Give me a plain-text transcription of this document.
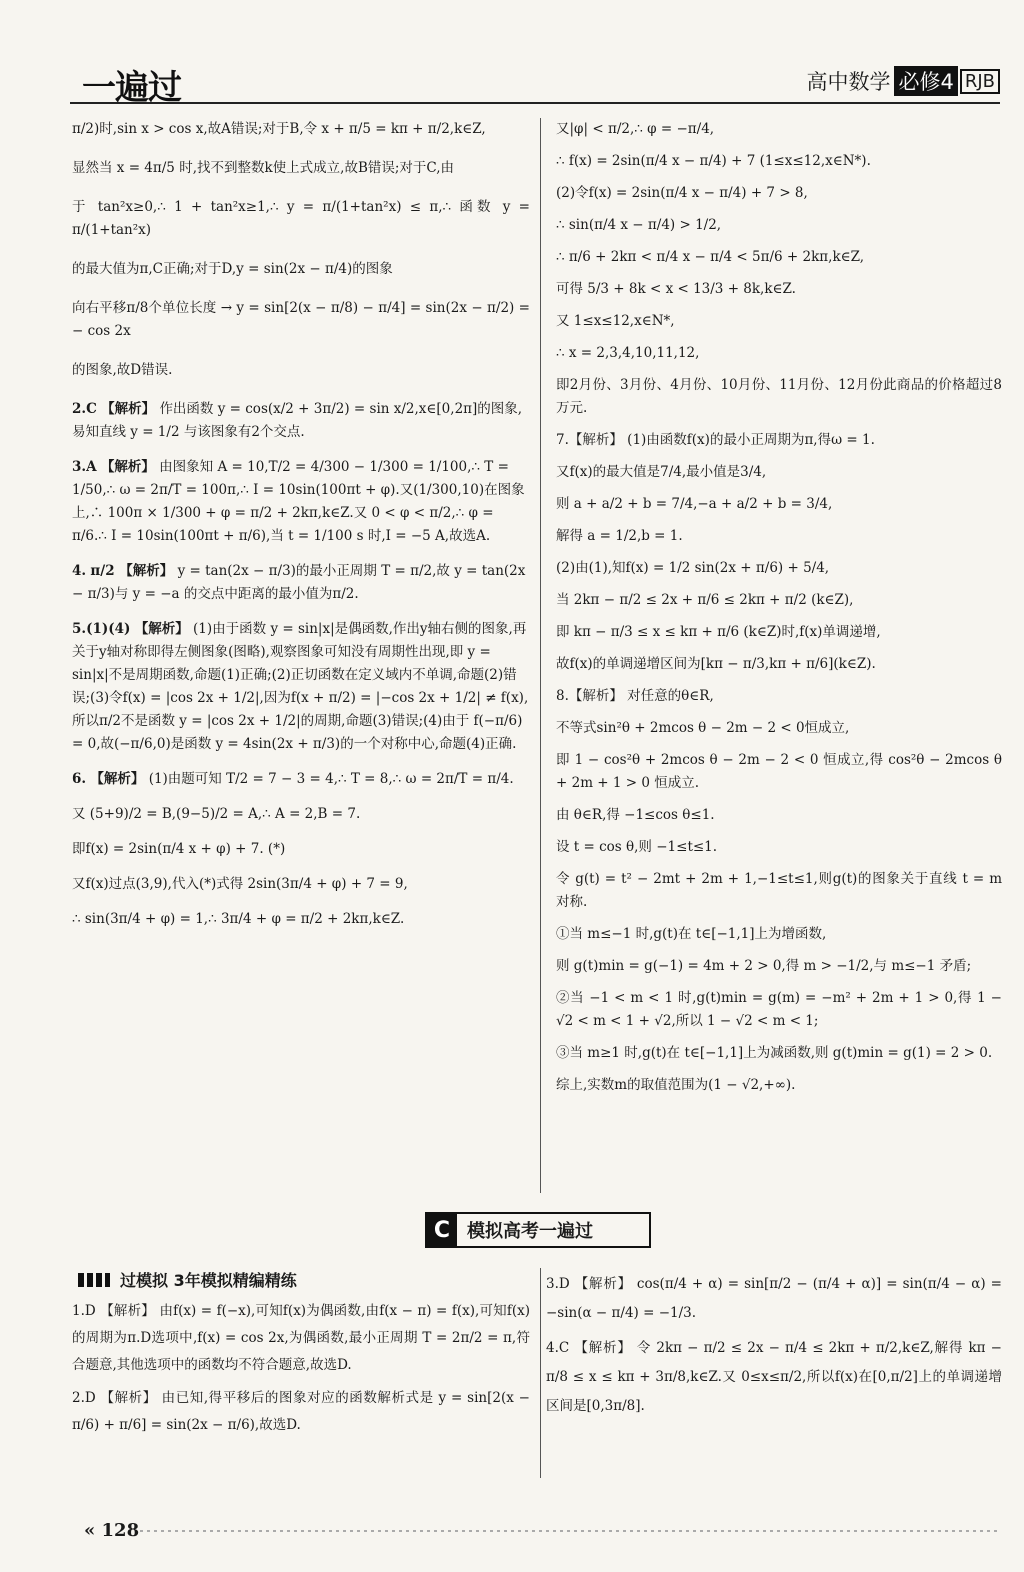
一遍过	高中数学 必修4 RJB

π/2)时,sin x > cos x,故A错误;对于B,令 x + π/5 = kπ + π/2,k∈Z,

显然当 x = 4π/5 时,找不到整数k使上式成立,故B错误;对于C,由

于 tan²x≥0,∴ 1 + tan²x≥1,∴ y = π/(1+tan²x) ≤ π,∴ 函数 y = π/(1+tan²x)

的最大值为π,C正确;对于D,y = sin(2x − π/4)的图象

向右平移π/8个单位长度 → y = sin[2(x − π/8) − π/4] = sin(2x − π/2) = − cos 2x

的图象,故D错误.

2.C 【解析】 作出函数 y = cos(x/2 + 3π/2) = sin x/2,x∈[0,2π]的图象,易知直线 y = 1/2 与该图象有2个交点.
3.A 【解析】 由图象知 A = 10,T/2 = 4/300 − 1/300 = 1/100,∴ T = 1/50,∴ ω = 2π/T = 100π,∴ I = 10sin(100πt + φ).又(1/300,10)在图象上,∴ 100π × 1/300 + φ = π/2 + 2kπ,k∈Z.又 0 < φ < π/2,∴ φ = π/6.∴ I = 10sin(100πt + π/6),当 t = 1/100 s 时,I = −5 A,故选A.
4. π/2 【解析】 y = tan(2x − π/3)的最小正周期 T = π/2,故 y = tan(2x − π/3)与 y = −a 的交点中距离的最小值为π/2.
5.(1)(4) 【解析】 (1)由于函数 y = sin|x|是偶函数,作出y轴右侧的图象,再关于y轴对称即得左侧图象(图略),观察图象可知没有周期性出现,即 y = sin|x|不是周期函数,命题(1)正确;(2)正切函数在定义域内不单调,命题(2)错误;(3)令f(x) = |cos 2x + 1/2|,因为f(x + π/2) = |−cos 2x + 1/2| ≠ f(x),所以π/2不是函数 y = |cos 2x + 1/2|的周期,命题(3)错误;(4)由于 f(−π/6) = 0,故(−π/6,0)是函数 y = 4sin(2x + π/3)的一个对称中心,命题(4)正确.
6. 【解析】 (1)由题可知 T/2 = 7 − 3 = 4,∴ T = 8,∴ ω = 2π/T = π/4.
又 (5+9)/2 = B,(9−5)/2 = A,∴ A = 2,B = 7.
即f(x) = 2sin(π/4 x + φ) + 7. (*)
又f(x)过点(3,9),代入(*)式得 2sin(3π/4 + φ) + 7 = 9,
∴ sin(3π/4 + φ) = 1,∴ 3π/4 + φ = π/2 + 2kπ,k∈Z.

又|φ| < π/2,∴ φ = −π/4,

∴ f(x) = 2sin(π/4 x − π/4) + 7 (1≤x≤12,x∈N*).

(2)令f(x) = 2sin(π/4 x − π/4) + 7 > 8,

∴ sin(π/4 x − π/4) > 1/2,

∴ π/6 + 2kπ < π/4 x − π/4 < 5π/6 + 2kπ,k∈Z,

可得 5/3 + 8k < x < 13/3 + 8k,k∈Z.

又 1≤x≤12,x∈N*,

∴ x = 2,3,4,10,11,12,

即2月份、3月份、4月份、10月份、11月份、12月份此商品的价格超过8万元.

7.【解析】 (1)由函数f(x)的最小正周期为π,得ω = 1.

又f(x)的最大值是7/4,最小值是3/4,

则 a + a/2 + b = 7/4,−a + a/2 + b = 3/4,

解得 a = 1/2,b = 1.

(2)由(1),知f(x) = 1/2 sin(2x + π/6) + 5/4,

当 2kπ − π/2 ≤ 2x + π/6 ≤ 2kπ + π/2 (k∈Z),

即 kπ − π/3 ≤ x ≤ kπ + π/6 (k∈Z)时,f(x)单调递增,

故f(x)的单调递增区间为[kπ − π/3,kπ + π/6](k∈Z).

8.【解析】 对任意的θ∈R,

不等式sin²θ + 2mcos θ − 2m − 2 < 0恒成立,

即 1 − cos²θ + 2mcos θ − 2m − 2 < 0 恒成立,得 cos²θ − 2mcos θ + 2m + 1 > 0 恒成立.

由 θ∈R,得 −1≤cos θ≤1.

设 t = cos θ,则 −1≤t≤1.

令 g(t) = t² − 2mt + 2m + 1,−1≤t≤1,则g(t)的图象关于直线 t = m 对称.

①当 m≤−1 时,g(t)在 t∈[−1,1]上为增函数,

则 g(t)min = g(−1) = 4m + 2 > 0,得 m > −1/2,与 m≤−1 矛盾;

②当 −1 < m < 1 时,g(t)min = g(m) = −m² + 2m + 1 > 0,得 1 − √2 < m < 1 + √2,所以 1 − √2 < m < 1;

③当 m≥1 时,g(t)在 t∈[−1,1]上为减函数,则 g(t)min = g(1) = 2 > 0.

综上,实数m的取值范围为(1 − √2,+∞).

C 模拟高考一遍过
过模拟 3年模拟精编精练

1.D 【解析】 由f(x) = f(−x),可知f(x)为偶函数,由f(x − π) = f(x),可知f(x)的周期为π.D选项中,f(x) = cos 2x,为偶函数,最小正周期 T = 2π/2 = π,符合题意,其他选项中的函数均不符合题意,故选D.

2.D 【解析】 由已知,得平移后的图象对应的函数解析式是 y = sin[2(x − π/6) + π/6] = sin(2x − π/6),故选D.

3.D 【解析】 cos(π/4 + α) = sin[π/2 − (π/4 + α)] = sin(π/4 − α) = −sin(α − π/4) = −1/3.

4.C 【解析】 令 2kπ − π/2 ≤ 2x − π/4 ≤ 2kπ + π/2,k∈Z,解得 kπ − π/8 ≤ x ≤ kπ + 3π/8,k∈Z.又 0≤x≤π/2,所以f(x)在[0,π/2]上的单调递增区间是[0,3π/8].

« 128
